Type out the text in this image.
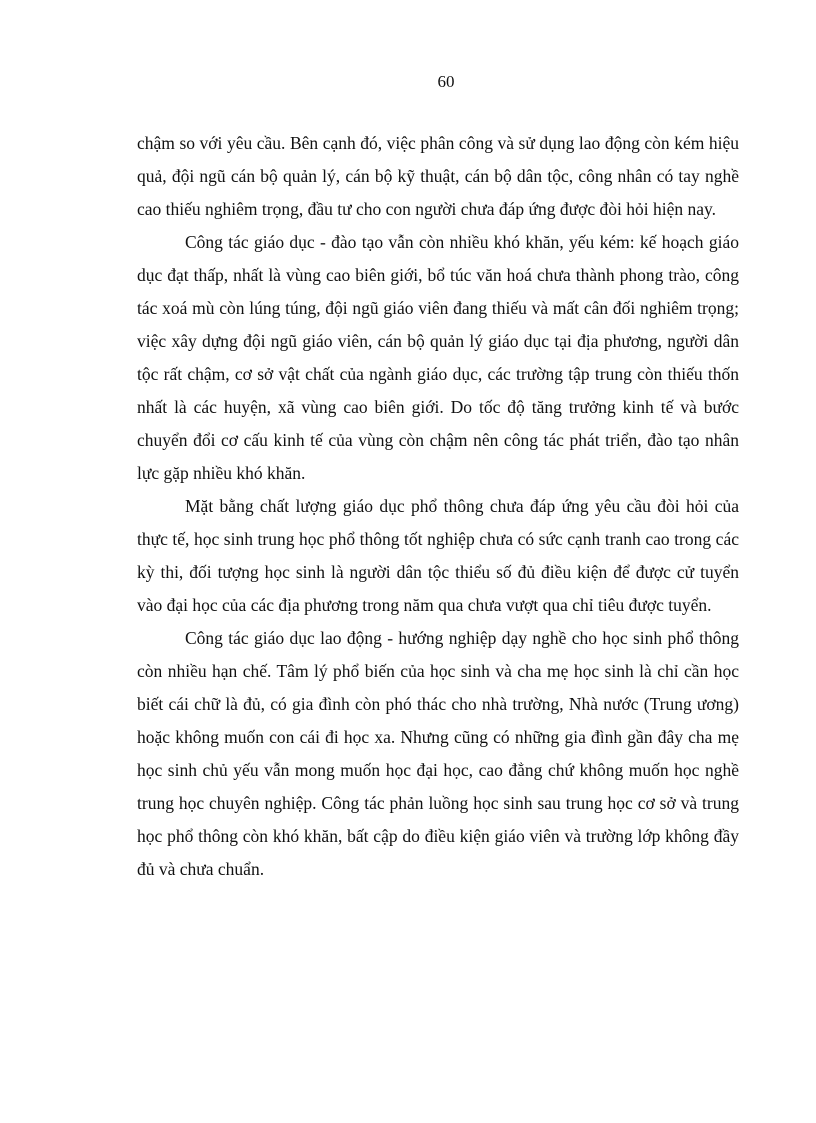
60

chậm so với yêu cầu. Bên cạnh đó, việc phân công và sử dụng lao động còn kém hiệu quả, đội ngũ cán bộ quản lý, cán bộ kỹ thuật, cán bộ dân tộc, công nhân có tay nghề cao thiếu nghiêm trọng, đầu tư cho con người chưa đáp ứng được đòi hỏi hiện nay.

Công tác giáo dục - đào tạo vẫn còn nhiều khó khăn, yếu kém: kế hoạch giáo dục đạt thấp, nhất là vùng cao biên giới, bổ túc văn hoá chưa thành phong trào, công tác xoá mù còn lúng túng, đội ngũ giáo viên đang thiếu và mất cân đối nghiêm trọng; việc xây dựng đội ngũ giáo viên, cán bộ quản lý giáo dục tại địa phương, người dân tộc rất chậm, cơ sở vật chất của ngành giáo dục, các trường tập trung còn thiếu thốn nhất là các huyện, xã vùng cao biên giới. Do tốc độ tăng trưởng kinh tế và bước chuyển đổi cơ cấu kinh tế của vùng còn chậm nên công tác phát triển, đào tạo nhân lực gặp nhiều khó khăn.

Mặt bằng chất lượng giáo dục phổ thông chưa đáp ứng yêu cầu đòi hỏi của thực tế, học sinh trung học phổ thông tốt nghiệp chưa có sức cạnh tranh cao trong các kỳ thi, đối tượng học sinh là người dân tộc thiểu số đủ điều kiện để được cử tuyển vào đại học của các địa phương trong năm qua chưa vượt qua chỉ tiêu được tuyển.

Công tác giáo dục lao động - hướng nghiệp dạy nghề cho học sinh phổ thông còn nhiều hạn chế. Tâm lý phổ biến của học sinh và cha mẹ học sinh là chỉ cần học biết cái chữ là đủ, có gia đình còn phó thác cho nhà trường, Nhà nước (Trung ương) hoặc không muốn con cái đi học xa. Nhưng cũng có những gia đình gần đây cha mẹ học sinh chủ yếu vẫn mong muốn học đại học, cao đẳng chứ không muốn học nghề trung học chuyên nghiệp. Công tác phản luồng học sinh sau trung học cơ sở và trung học phổ thông còn khó khăn, bất cập do điều kiện giáo viên và trường lớp không đầy đủ và chưa chuẩn.
